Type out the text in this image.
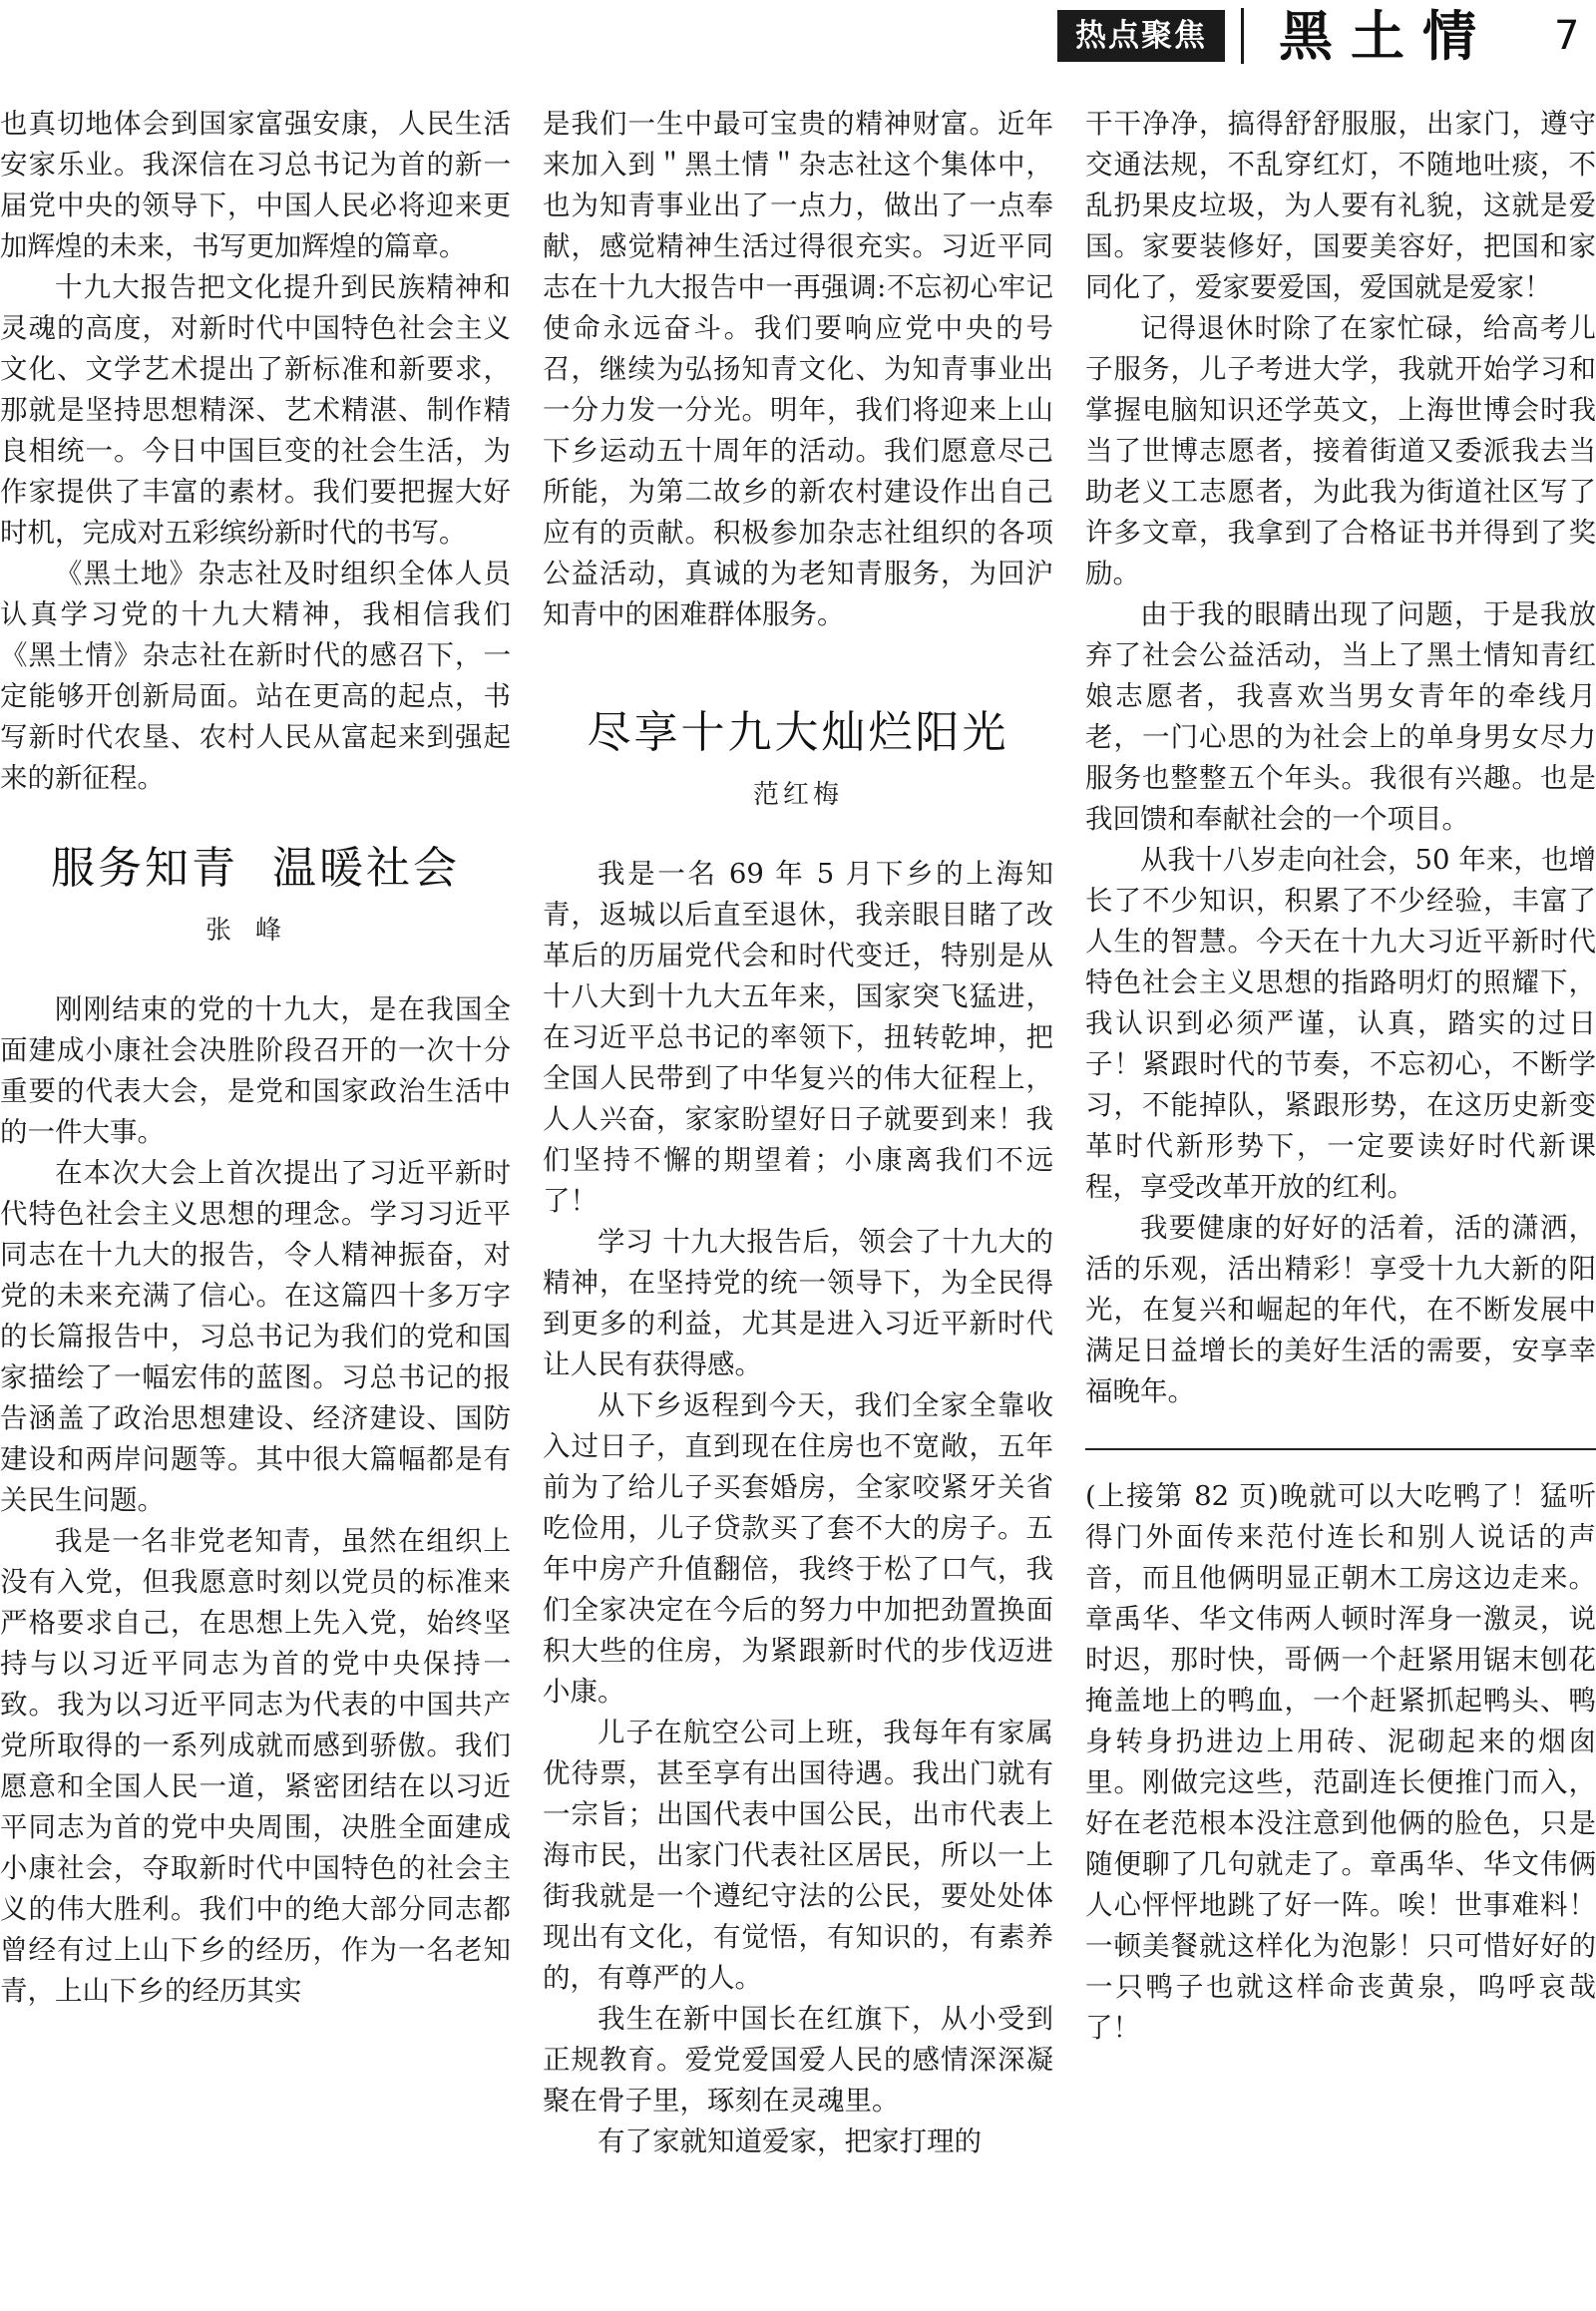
热点聚焦	黑土情 7

也真切地体会到国家富强安康，人民生活安家乐业。我深信在习总书记为首的新一届党中央的领导下，中国人民必将迎来更加辉煌的未来，书写更加辉煌的篇章。

十九大报告把文化提升到民族精神和灵魂的高度，对新时代中国特色社会主义文化、文学艺术提出了新标准和新要求，那就是坚持思想精深、艺术精湛、制作精良相统一。今日中国巨变的社会生活，为作家提供了丰富的素材。我们要把握大好时机，完成对五彩缤纷新时代的书写。

《黑土地》杂志社及时组织全体人员认真学习党的十九大精神，我相信我们《黑土情》杂志社在新时代的感召下，一定能够开创新局面。站在更高的起点，书写新时代农垦、农村人民从富起来到强起来的新征程。

服务知青  温暖社会
张峰

刚刚结束的党的十九大，是在我国全面建成小康社会决胜阶段召开的一次十分重要的代表大会，是党和国家政治生活中的一件大事。

在本次大会上首次提出了习近平新时代特色社会主义思想的理念。学习习近平同志在十九大的报告，令人精神振奋，对党的未来充满了信心。在这篇四十多万字的长篇报告中，习总书记为我们的党和国家描绘了一幅宏伟的蓝图。习总书记的报告涵盖了政治思想建设、经济建设、国防建设和两岸问题等。其中很大篇幅都是有关民生问题。

我是一名非党老知青，虽然在组织上没有入党，但我愿意时刻以党员的标准来严格要求自己，在思想上先入党，始终坚持与以习近平同志为首的党中央保持一致。我为以习近平同志为代表的中国共产党所取得的一系列成就而感到骄傲。我们愿意和全国人民一道，紧密团结在以习近平同志为首的党中央周围，决胜全面建成小康社会，夺取新时代中国特色的社会主义的伟大胜利。我们中的绝大部分同志都曾经有过上山下乡的经历，作为一名老知青，上山下乡的经历其实

是我们一生中最可宝贵的精神财富。近年来加入到＂黑土情＂杂志社这个集体中，也为知青事业出了一点力，做出了一点奉献，感觉精神生活过得很充实。习近平同志在十九大报告中一再强调:不忘初心牢记使命永远奋斗。我们要响应党中央的号召，继续为弘扬知青文化、为知青事业出一分力发一分光。明年，我们将迎来上山下乡运动五十周年的活动。我们愿意尽己所能，为第二故乡的新农村建设作出自己应有的贡献。积极参加杂志社组织的各项公益活动，真诚的为老知青服务，为回沪知青中的困难群体服务。

尽享十九大灿烂阳光
范红梅

我是一名 69 年 5 月下乡的上海知青，返城以后直至退休，我亲眼目睹了改革后的历届党代会和时代变迁，特别是从十八大到十九大五年来，国家突飞猛进，在习近平总书记的率领下，扭转乾坤，把全国人民带到了中华复兴的伟大征程上，人人兴奋，家家盼望好日子就要到来！我们坚持不懈的期望着；小康离我们不远了！

学习 十九大报告后，领会了十九大的精神，在坚持党的统一领导下，为全民得到更多的利益，尤其是进入习近平新时代让人民有获得感。

从下乡返程到今天，我们全家全靠收入过日子，直到现在住房也不宽敞，五年前为了给儿子买套婚房，全家咬紧牙关省吃俭用，儿子贷款买了套不大的房子。五年中房产升值翻倍，我终于松了口气，我们全家决定在今后的努力中加把劲置换面积大些的住房，为紧跟新时代的步伐迈进小康。

儿子在航空公司上班，我每年有家属优待票，甚至享有出国待遇。我出门就有一宗旨；出国代表中国公民，出市代表上海市民，出家门代表社区居民，所以一上街我就是一个遵纪守法的公民，要处处体现出有文化，有觉悟，有知识的，有素养的，有尊严的人。

我生在新中国长在红旗下，从小受到正规教育。爱党爱国爱人民的感情深深凝聚在骨子里，琢刻在灵魂里。

有了家就知道爱家，把家打理的

干干净净，搞得舒舒服服，出家门，遵守交通法规，不乱穿红灯，不随地吐痰，不乱扔果皮垃圾，为人要有礼貌，这就是爱国。家要装修好，国要美容好，把国和家同化了，爱家要爱国，爱国就是爱家！

记得退休时除了在家忙碌，给高考儿子服务，儿子考进大学，我就开始学习和掌握电脑知识还学英文，上海世博会时我当了世博志愿者，接着街道又委派我去当助老义工志愿者，为此我为街道社区写了许多文章，我拿到了合格证书并得到了奖励。

由于我的眼睛出现了问题，于是我放弃了社会公益活动，当上了黑土情知青红娘志愿者，我喜欢当男女青年的牵线月老，一门心思的为社会上的单身男女尽力服务也整整五个年头。我很有兴趣。也是我回馈和奉献社会的一个项目。

从我十八岁走向社会，50 年来，也增长了不少知识，积累了不少经验，丰富了人生的智慧。今天在十九大习近平新时代特色社会主义思想的指路明灯的照耀下，我认识到必须严谨，认真，踏实的过日子！紧跟时代的节奏，不忘初心，不断学习，不能掉队，紧跟形势，在这历史新变革时代新形势下，一定要读好时代新课程，享受改革开放的红利。

我要健康的好好的活着，活的潇洒，活的乐观，活出精彩！享受十九大新的阳光，在复兴和崛起的年代，在不断发展中满足日益增长的美好生活的需要，安享幸福晚年。

(上接第 82 页)晚就可以大吃鸭了！猛听得门外面传来范付连长和别人说话的声音，而且他俩明显正朝木工房这边走来。章禹华、华文伟两人顿时浑身一激灵，说时迟，那时快，哥俩一个赶紧用锯末刨花掩盖地上的鸭血，一个赶紧抓起鸭头、鸭身转身扔进边上用砖、泥砌起来的烟囱里。刚做完这些，范副连长便推门而入，好在老范根本没注意到他俩的脸色，只是随便聊了几句就走了。章禹华、华文伟俩人心怦怦地跳了好一阵。唉！世事难料！一顿美餐就这样化为泡影！只可惜好好的一只鸭子也就这样命丧黄泉，呜呼哀哉了！
